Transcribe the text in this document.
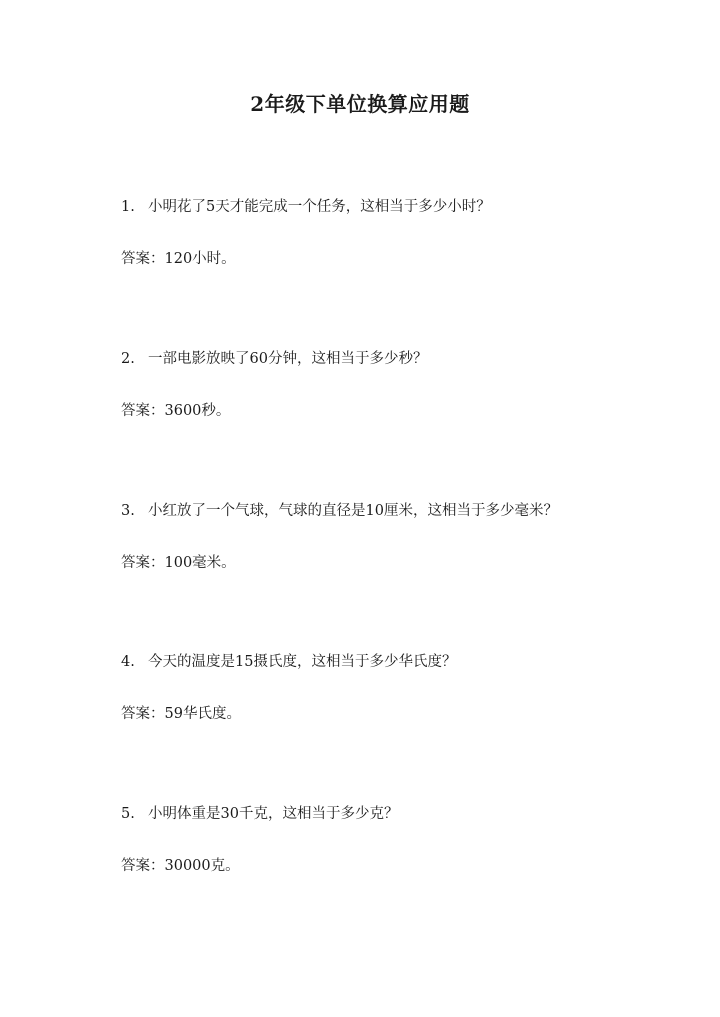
2年级下单位换算应用题
1. 小明花了5天才能完成一个任务，这相当于多少小时？
答案：120小时。
2. 一部电影放映了60分钟，这相当于多少秒？
答案：3600秒。
3. 小红放了一个气球，气球的直径是10厘米，这相当于多少毫米？
答案：100毫米。
4. 今天的温度是15摄氏度，这相当于多少华氏度？
答案：59华氏度。
5. 小明体重是30千克，这相当于多少克？
答案：30000克。
